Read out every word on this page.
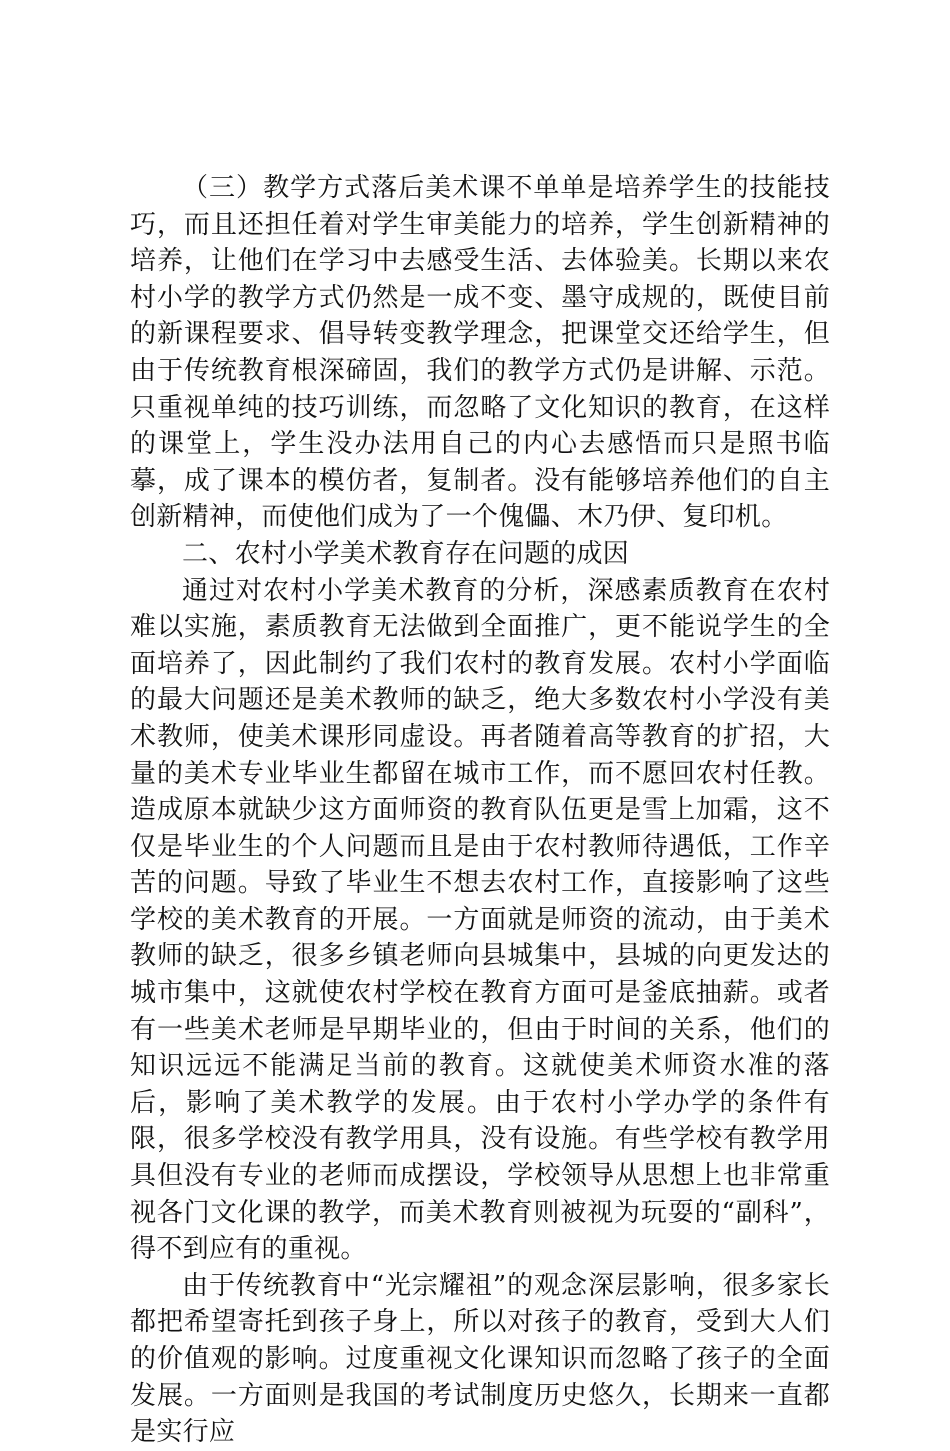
（三）教学方式落后美术课不单单是培养学生的技能技巧，而且还担任着对学生审美能力的培养，学生创新精神的培养，让他们在学习中去感受生活、去体验美。长期以来农村小学的教学方式仍然是一成不变、墨守成规的，既使目前的新课程要求、倡导转变教学理念，把课堂交还给学生，但由于传统教育根深碲固，我们的教学方式仍是讲解、示范。只重视单纯的技巧训练，而忽略了文化知识的教育，在这样的课堂上，学生没办法用自己的内心去感悟而只是照书临摹，成了课本的模仿者，复制者。没有能够培养他们的自主创新精神，而使他们成为了一个傀儡、木乃伊、复印机。

二、农村小学美术教育存在问题的成因

通过对农村小学美术教育的分析，深感素质教育在农村难以实施，素质教育无法做到全面推广，更不能说学生的全面培养了，因此制约了我们农村的教育发展。农村小学面临的最大问题还是美术教师的缺乏，绝大多数农村小学没有美术教师，使美术课形同虚设。再者随着高等教育的扩招，大量的美术专业毕业生都留在城市工作，而不愿回农村任教。造成原本就缺少这方面师资的教育队伍更是雪上加霜，这不仅是毕业生的个人问题而且是由于农村教师待遇低，工作辛苦的问题。导致了毕业生不想去农村工作，直接影响了这些学校的美术教育的开展。一方面就是师资的流动，由于美术教师的缺乏，很多乡镇老师向县城集中，县城的向更发达的城市集中，这就使农村学校在教育方面可是釜底抽薪。或者有一些美术老师是早期毕业的，但由于时间的关系，他们的知识远远不能满足当前的教育。这就使美术师资水准的落后，影响了美术教学的发展。由于农村小学办学的条件有限，很多学校没有教学用具，没有设施。有些学校有教学用具但没有专业的老师而成摆设，学校领导从思想上也非常重视各门文化课的教学，而美术教育则被视为玩耍的“副科”，得不到应有的重视。

由于传统教育中“光宗耀祖”的观念深层影响，很多家长都把希望寄托到孩子身上，所以对孩子的教育，受到大人们的价值观的影响。过度重视文化课知识而忽略了孩子的全面发展。一方面则是我国的考试制度历史悠久，长期来一直都是实行应
